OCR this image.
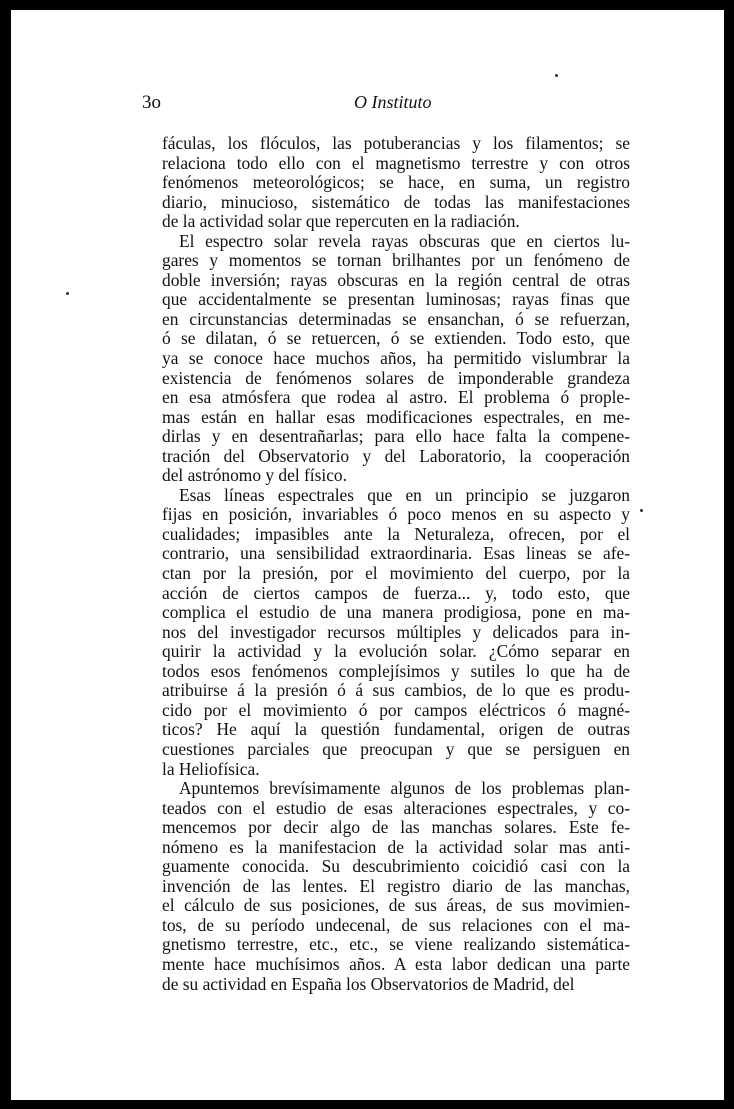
3o	O Instituto
fáculas, los flóculos, las potuberancias y los filamentos; se
relaciona todo ello con el magnetismo terrestre y con otros
fenómenos meteorológicos; se hace, en suma, un registro
diario, minucioso, sistemático de todas las manifestaciones
de la actividad solar que repercuten en la radiación.
El espectro solar revela rayas obscuras que en ciertos lu-
gares y momentos se tornan brilhantes por un fenómeno de
doble inversión; rayas obscuras en la región central de otras
que accidentalmente se presentan luminosas; rayas finas que
en circunstancias determinadas se ensanchan, ó se refuerzan,
ó se dilatan, ó se retuercen, ó se extienden. Todo esto, que
ya se conoce hace muchos años, ha permitido vislumbrar la
existencia de fenómenos solares de imponderable grandeza
en esa atmósfera que rodea al astro. El problema ó prople-
mas están en hallar esas modificaciones espectrales, en me-
dirlas y en desentrañarlas; para ello hace falta la compene-
tración del Observatorio y del Laboratorio, la cooperación
del astrónomo y del físico.
Esas líneas espectrales que en un principio se juzgaron
fijas en posición, invariables ó poco menos en su aspecto y
cualidades; impasibles ante la Neturaleza, ofrecen, por el
contrario, una sensibilidad extraordinaria. Esas lineas se afe-
ctan por la presión, por el movimiento del cuerpo, por la
acción de ciertos campos de fuerza... y, todo esto, que
complica el estudio de una manera prodigiosa, pone en ma-
nos del investigador recursos múltiples y delicados para in-
quirir la actividad y la evolución solar. ¿Cómo separar en
todos esos fenómenos complejísimos y sutiles lo que ha de
atribuirse á la presión ó á sus cambios, de lo que es produ-
cido por el movimiento ó por campos eléctricos ó magné-
ticos? He aquí la questión fundamental, origen de outras
cuestiones parciales que preocupan y que se persiguen en
la Heliofísica.
Apuntemos brevísimamente algunos de los problemas plan-
teados con el estudio de esas alteraciones espectrales, y co-
mencemos por decir algo de las manchas solares. Este fe-
nómeno es la manifestacion de la actividad solar mas anti-
guamente conocida. Su descubrimiento coicidió casi con la
invención de las lentes. El registro diario de las manchas,
el cálculo de sus posiciones, de sus áreas, de sus movimien-
tos, de su período undecenal, de sus relaciones con el ma-
gnetismo terrestre, etc., etc., se viene realizando sistemática-
mente hace muchísimos años. A esta labor dedican una parte
de su actividad en España los Observatorios de Madrid, del
